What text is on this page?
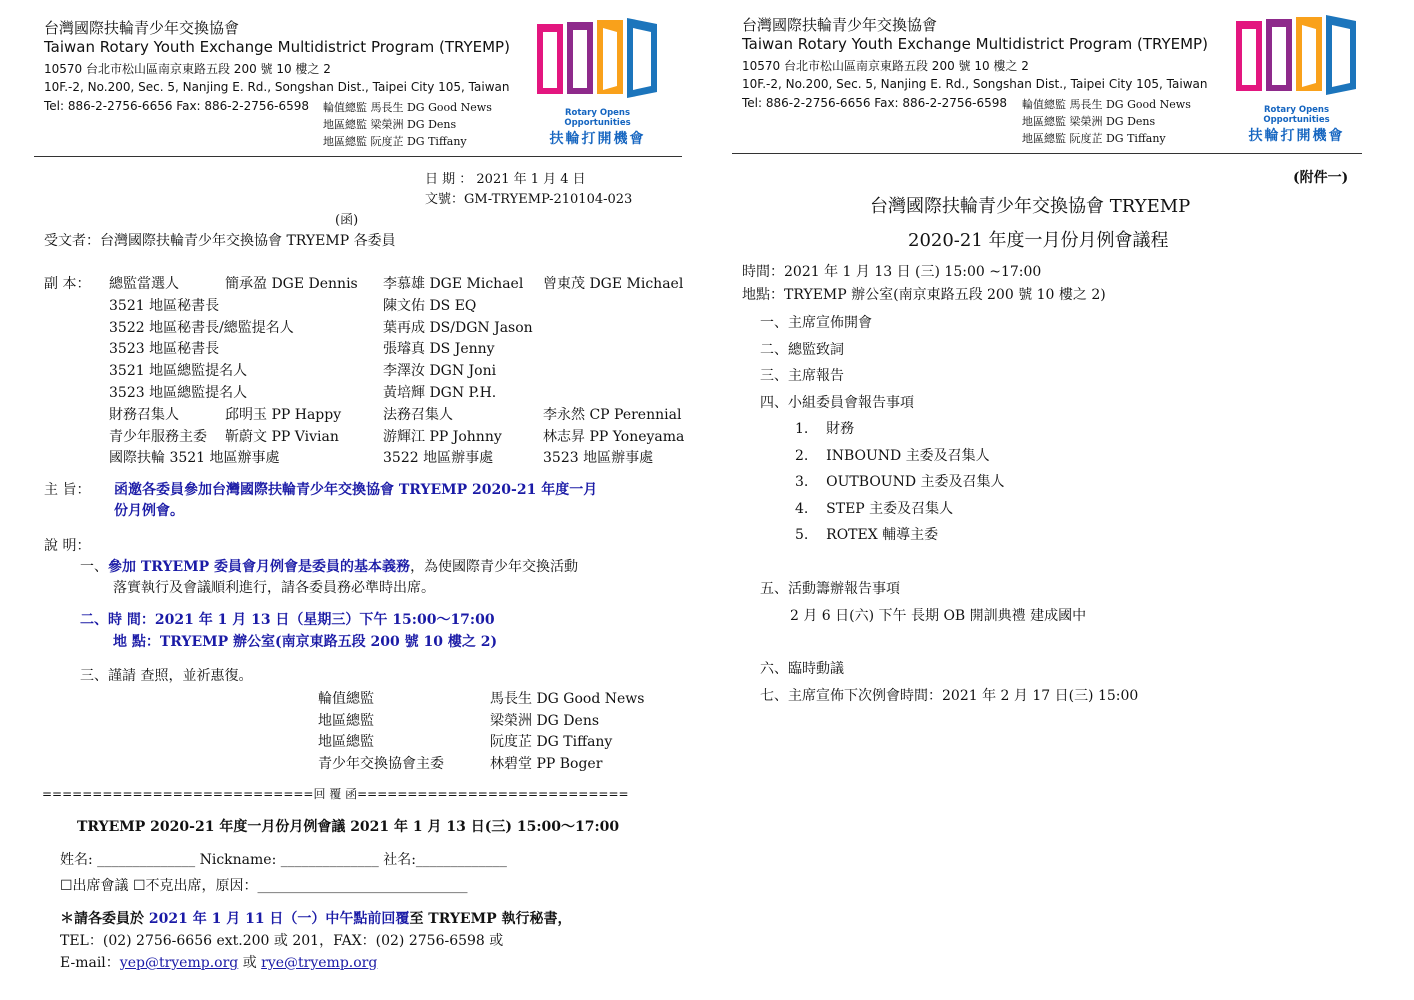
台灣國際扶輪青少年交換協會
Taiwan Rotary Youth Exchange Multidistrict Program (TRYEMP)
10570 台北市松山區南京東路五段 200 號 10 樓之 2
10F.-2, No.200, Sec. 5, Nanjing E. Rd., Songshan Dist., Taipei City 105, Taiwan
Tel: 886-2-2756-6656 Fax: 886-2-2756-6598 輪值總監 馬長生 DG Good News
地區總監 梁榮洲 DG Dens
地區總監 阮度芷 DG Tiffany
Rotary Opens Opportunities
扶輪打開機會
日 期 ： 2021 年 1 月 4 日
文號：GM-TRYEMP-210104-023
(函)
受文者：台灣國際扶輪青少年交換協會 TRYEMP 各委員
副 本： 總監當選人	簡承盈 DGE Dennis 李慕雄 DGE Michael 曾東茂 DGE Michael
3521 地區秘書長	陳文佑 DS EQ
3522 地區秘書長/總監提名人	葉再成 DS/DGN Jason
3523 地區秘書長	張璿真 DS Jenny
3521 地區總監提名人	李澤汝 DGN Joni
3523 地區總監提名人	黃培輝 DGN P.H.
財務召集人	邱明玉 PP Happy	法務召集人	李永然 CP Perennial
青少年服務主委 靳蔚文 PP Vivian	游輝江 PP Johnny	林志昇 PP Yoneyama
國際扶輪 3521 地區辦事處	3522 地區辦事處	3523 地區辦事處
主 旨： 函邀各委員參加台灣國際扶輪青少年交換協會 TRYEMP 2020-21 年度一月
份月例會。
說 明：
一、參加 TRYEMP 委員會月例會是委員的基本義務，為使國際青少年交換活動
落實執行及會議順利進行，請各委員務必準時出席。
二、時 間：2021 年 1 月 13 日（星期三）下午 15:00～17:00
地 點：TRYEMP 辦公室(南京東路五段 200 號 10 樓之 2)
三、謹請 查照，並祈惠復。
輪值總監	馬長生 DG Good News
地區總監	梁榮洲 DG Dens
地區總監	阮度芷 DG Tiffany
青少年交換協會主委	林碧堂 PP Boger
===========================回 覆 函===========================
TRYEMP 2020-21 年度一月份月例會議 2021 年 1 月 13 日(三) 15:00～17:00
姓名: ______________ Nickname: ______________ 社名:_____________
☐出席會議 ☐不克出席，原因：______________________________
＊請各委員於 2021 年 1 月 11 日（一）中午點前回覆至 TRYEMP 執行秘書，
TEL：(02) 2756-6656 ext.200 或 201，FAX：(02) 2756-6598 或
E-mail：yep@tryemp.org 或 rye@tryemp.org
台灣國際扶輪青少年交換協會
Taiwan Rotary Youth Exchange Multidistrict Program (TRYEMP)
10570 台北市松山區南京東路五段 200 號 10 樓之 2
10F.-2, No.200, Sec. 5, Nanjing E. Rd., Songshan Dist., Taipei City 105, Taiwan
Tel: 886-2-2756-6656 Fax: 886-2-2756-6598 輪值總監 馬長生 DG Good News
地區總監 梁榮洲 DG Dens
地區總監 阮度芷 DG Tiffany
Rotary Opens Opportunities
扶輪打開機會
(附件一)
台灣國際扶輪青少年交換協會 TRYEMP
2020-21 年度一月份月例會議程
時間：2021 年 1 月 13 日 (三) 15:00 ~17:00
地點：TRYEMP 辦公室(南京東路五段 200 號 10 樓之 2)
一、主席宣佈開會
二、總監致詞
三、主席報告
四、小組委員會報告事項
1.    財務
2.    INBOUND 主委及召集人
3.    OUTBOUND 主委及召集人
4.    STEP 主委及召集人
5.    ROTEX 輔導主委
五、活動籌辦報告事項
2 月 6 日(六) 下午 長期 OB 開訓典禮 建成國中
六、臨時動議
七、主席宣佈下次例會時間：2021 年 2 月 17 日(三) 15:00
